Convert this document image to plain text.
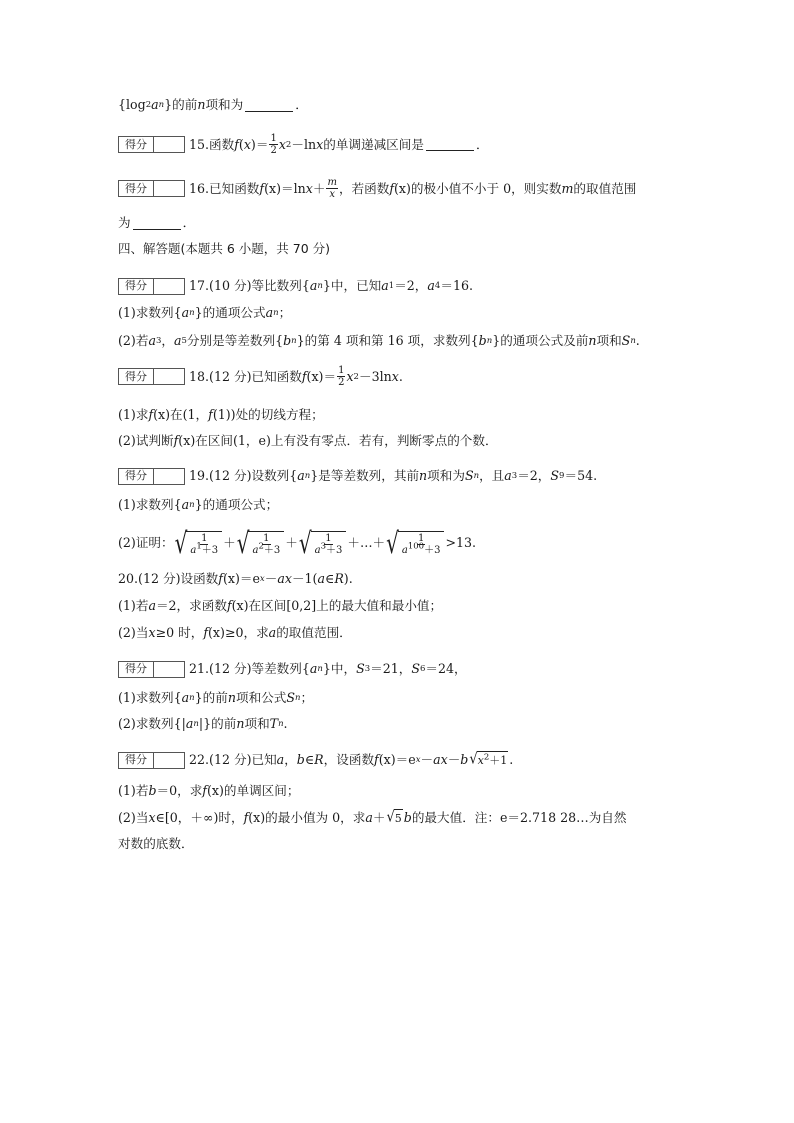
{log 2 a n }的前 n 项和为	．
得分	15.函数 f ( x )＝ $\frac{1}{2}$ x 2 －ln x 的单调递减区间是	．
得分	16.已知函数 f (x)＝ln $x + \frac{m}{x}$ ，若函数 f (x)的极小值不小于 0，则实数 m 的取值范围
为	．
四、解答题(本题共 6 小题，共 70 分)
得分	17.(10 分)等比数列{ a n }中，已知 a 1 ＝2， a 4 ＝16.
(1)求数列{ a n }的通项公式 a n ；
(2)若 a 3 ， a 5 分别是等差数列{ b n }的第 4 项和第 16 项，求数列{ b n }的通项公式及前 n 项和 S n .
得分	18.(12 分)已知函数 f $(x)= \frac{1}{2}$ x 2 －3ln x .
(1)求 f (x)在(1， f (1))处的切线方程；
(2)试判断 f (x)在区间(1，e)上有没有零点．若有，判断零点的个数．
得分	19.(12 分)设数列{ a n }是等差数列，其前 n 项和为 S n ，且 a 3 ＝2， S 9 ＝54.
(1)求数列{ a n }的通项公式；
(2)证明： √ $\frac{1}{a^1+3}$ ＋ √ $\frac{1}{a^2+3}$ ＋ √ $\frac{1}{a^3+3}$ ＋…＋ √ $\frac{1}{a^{100}+3} >13$.
20.(12 分)设函数 f (x)＝e x － ax －1( a ∈ R ).
(1)若 a ＝2，求函数 f (x)在区间[0,2]上的最大值和最小值；
(2)当 x ≥0 时， f (x)≥0，求 a 的取值范围．
得分	21.(12 分)等差数列{ a n }中， S 3 ＝21， S 6 ＝24，
(1)求数列{ a n }的前 n 项和公式 S n ；
(2)求数列{| a n |}的前 n 项和 T n .
得分	22.(12 分)已知 a ， b ∈ R ，设函数 f (x)＝e x － ax － b √ $x^2+1$ .
(1)若 b ＝0，求 f (x)的单调区间；
(2)当 x ∈[0，＋∞)时， f (x)的最小值为 0，求 a ＋ √ 5 b 的最大值．注：e＝2.718 28…为自然
对数的底数．
